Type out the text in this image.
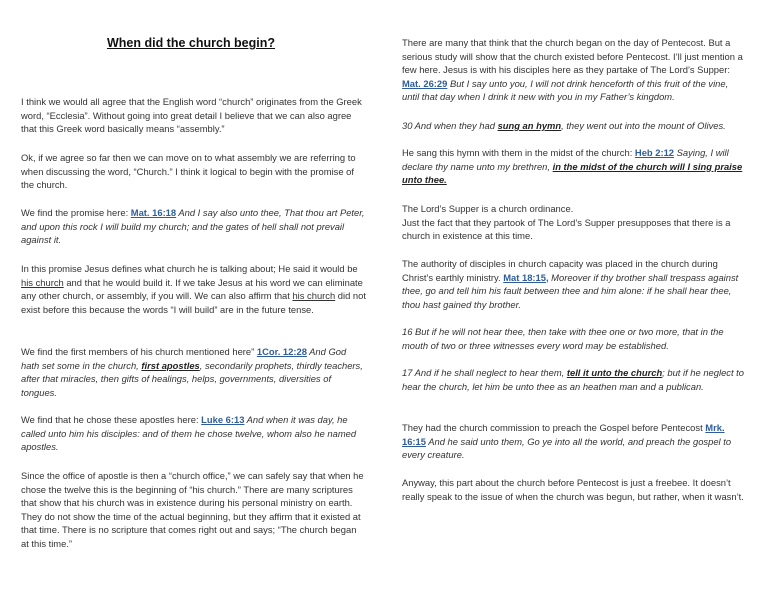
When did the church begin?

I think we would all agree that the English word “church” originates from the Greek word, “Ecclesia”. Without going into great detail I believe that we can also agree that this Greek word basically means “assembly.”

Ok, if we agree so far then we can move on to what assembly we are referring to when discussing the word, “Church.” I think it logical to begin with the promise of the church.

We find the promise here: Mat. 16:18 And I say also unto thee, That thou art Peter, and upon this rock I will build my church; and the gates of hell shall not prevail against it.

In this promise Jesus defines what church he is talking about; He said it would be his church and that he would build it. If we take Jesus at his word we can eliminate any other church, or assembly, if you will. We can also affirm that his church did not exist before this because the words “I will build” are in the future tense.

We find the first members of his church mentioned here” 1Cor. 12:28 And God hath set some in the church, first apostles, secondarily prophets, thirdly teachers, after that miracles, then gifts of healings, helps, governments, diversities of tongues.

We find that he chose these apostles here: Luke 6:13 And when it was day, he called unto him his disciples: and of them he chose twelve, whom also he named apostles.

Since the office of apostle is then a “church office,” we can safely say that when he chose the twelve this is the beginning of “his church.” There are many scriptures that show that his church was in existence during his personal ministry on earth. They do not show the time of the actual beginning, but they affirm that it existed at that time. There is no scripture that comes right out and says; “The church began at this time.”

There are many that think that the church began on the day of Pentecost. But a serious study will show that the church existed before Pentecost. I’ll just mention a few here. Jesus is with his disciples here as they partake of The Lord’s Supper: Mat. 26:29 But I say unto you, I will not drink henceforth of this fruit of the vine, until that day when I drink it new with you in my Father’s kingdom.

30 And when they had sung an hymn, they went out into the mount of Olives.

He sang this hymn with them in the midst of the church: Heb 2:12 Saying, I will declare thy name unto my brethren, in the midst of the church will I sing praise unto thee.

The Lord’s Supper is a church ordinance.
Just the fact that they partook of The Lord’s Supper presupposes that there is a church in existence at this time.

The authority of disciples in church capacity was placed in the church during Christ’s earthly ministry. Mat 18:15, Moreover if thy brother shall trespass against thee, go and tell him his fault between thee and him alone: if he shall hear thee, thou hast gained thy brother.

16 But if he will not hear thee, then take with thee one or two more, that in the mouth of two or three witnesses every word may be established.

17 And if he shall neglect to hear them, tell it unto the church; but if he neglect to hear the church, let him be unto thee as an heathen man and a publican.

They had the church commission to preach the Gospel before Pentecost Mrk. 16:15 And he said unto them, Go ye into all the world, and preach the gospel to every creature.

Anyway, this part about the church before Pentecost is just a freebee. It doesn’t really speak to the issue of when the church was begun, but rather, when it wasn’t.
